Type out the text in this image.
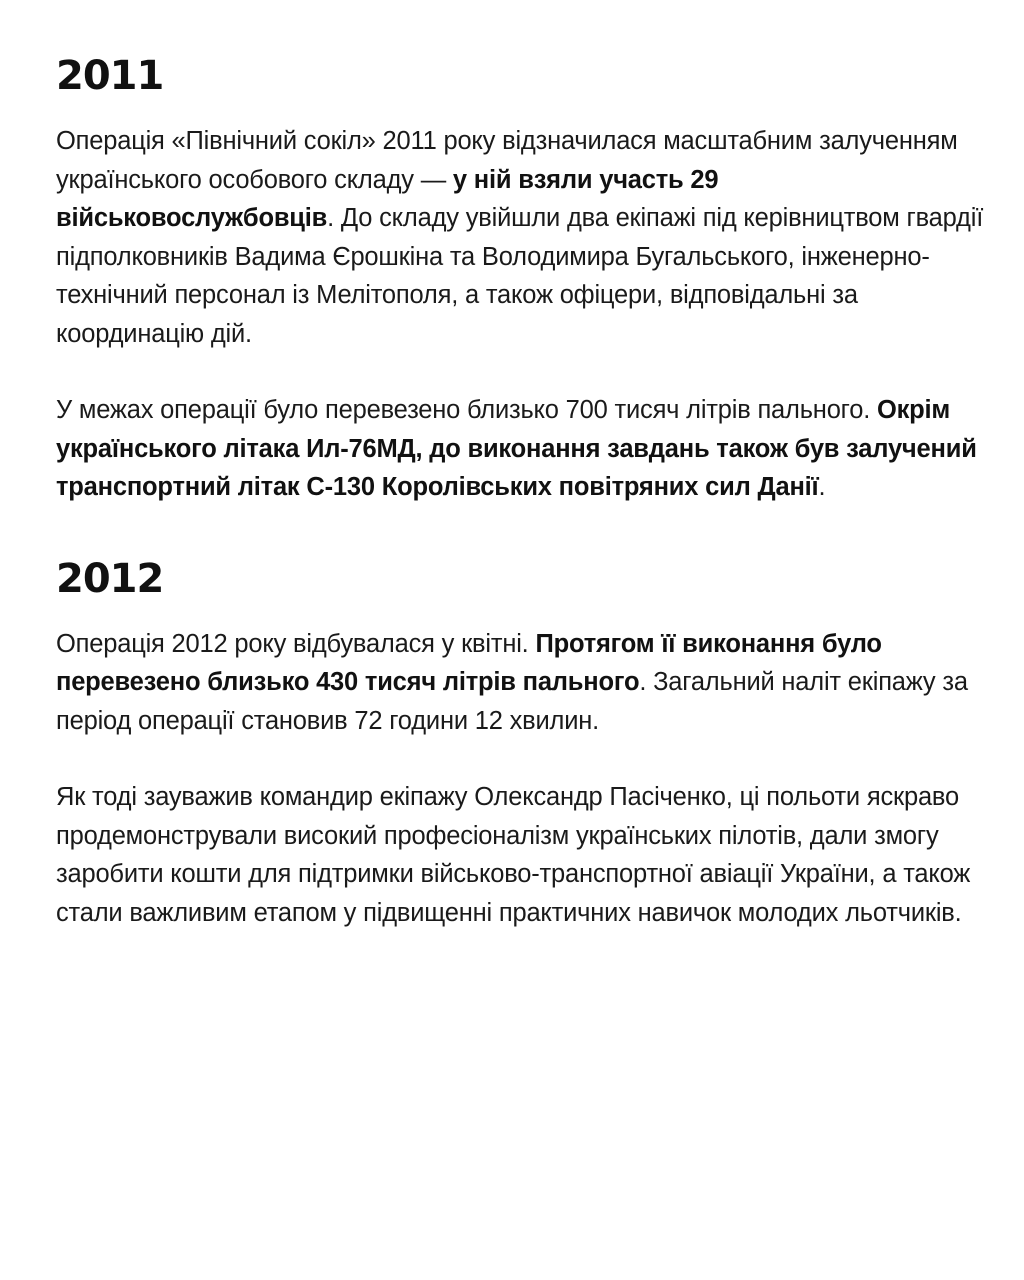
2011

Операція «Північний сокіл» 2011 року відзначилася масштабним залученням українського особового складу — у ній взяли участь 29 військовослужбовців. До складу увійшли два екіпажі під керівництвом гвардії підполковників Вадима Єрошкіна та Володимира Бугальського, інженерно-технічний персонал із Мелітополя, а також офіцери, відповідальні за координацію дій.

У межах операції було перевезено близько 700 тисяч літрів пального. Окрім українського літака Ил-76МД, до виконання завдань також був залучений транспортний літак C-130 Королівських повітряних сил Данії.

2012

Операція 2012 року відбувалася у квітні. Протягом її виконання було перевезено близько 430 тисяч літрів пального. Загальний наліт екіпажу за період операції становив 72 години 12 хвилин.

Як тоді зауважив командир екіпажу Олександр Пасіченко, ці польоти яскраво продемонстрували високий професіоналізм українських пілотів, дали змогу заробити кошти для підтримки військово-транспортної авіації України, а також стали важливим етапом у підвищенні практичних навичок молодих льотчиків.
